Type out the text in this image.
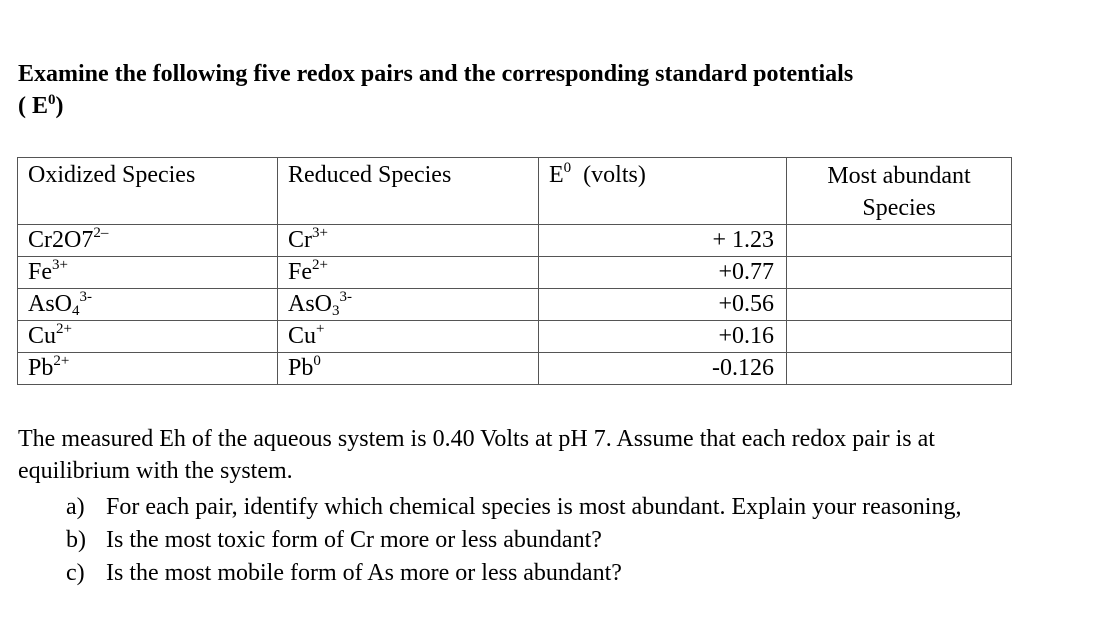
Examine the following five redox pairs and the corresponding standard potentials
( $E^0$)
Oxidized Species	Reduced Species	$E^0$  (volts)	Most abundant
Species

$Cr2O7^{2-}$	$Cr^{3+}$	+ 1.23	
$Fe^{3+}$	$Fe^{2+}$	+0.77	
AsO$_4^{3-}$	AsO$_3^{3-}$	+0.56	
$Cu^{2+}$	Cu+	+0.16	
$Pb^{2+}$	Pb$^0$	-0.126	
The measured Eh of the aqueous system is 0.40 Volts at pH 7. Assume that each redox pair is at equilibrium with the system.
a) For each pair, identify which chemical species is most abundant. Explain your reasoning,
b) Is the most toxic form of Cr more or less abundant?
c) Is the most mobile form of As more or less abundant?
